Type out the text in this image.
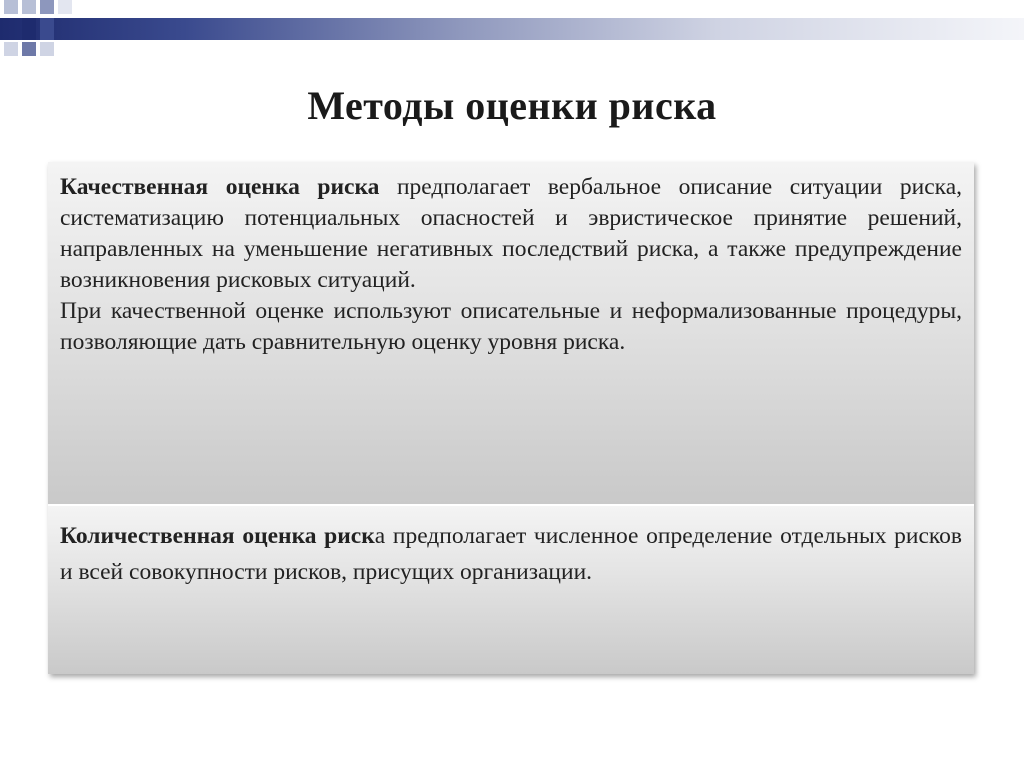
Методы оценки риска

Качественная оценка риска предполагает вербальное описание ситуации риска, систематизацию потенциальных опасностей и эвристическое принятие решений, направленных на уменьшение негативных последствий риска, а также предупреждение возникновения рисковых ситуаций.

При качественной оценке используют описательные и неформализованные процедуры, позволяющие дать сравнительную оценку уровня риска.

Количественная оценка риска предполагает численное определение отдельных рисков и всей совокупности рисков, присущих организации.
